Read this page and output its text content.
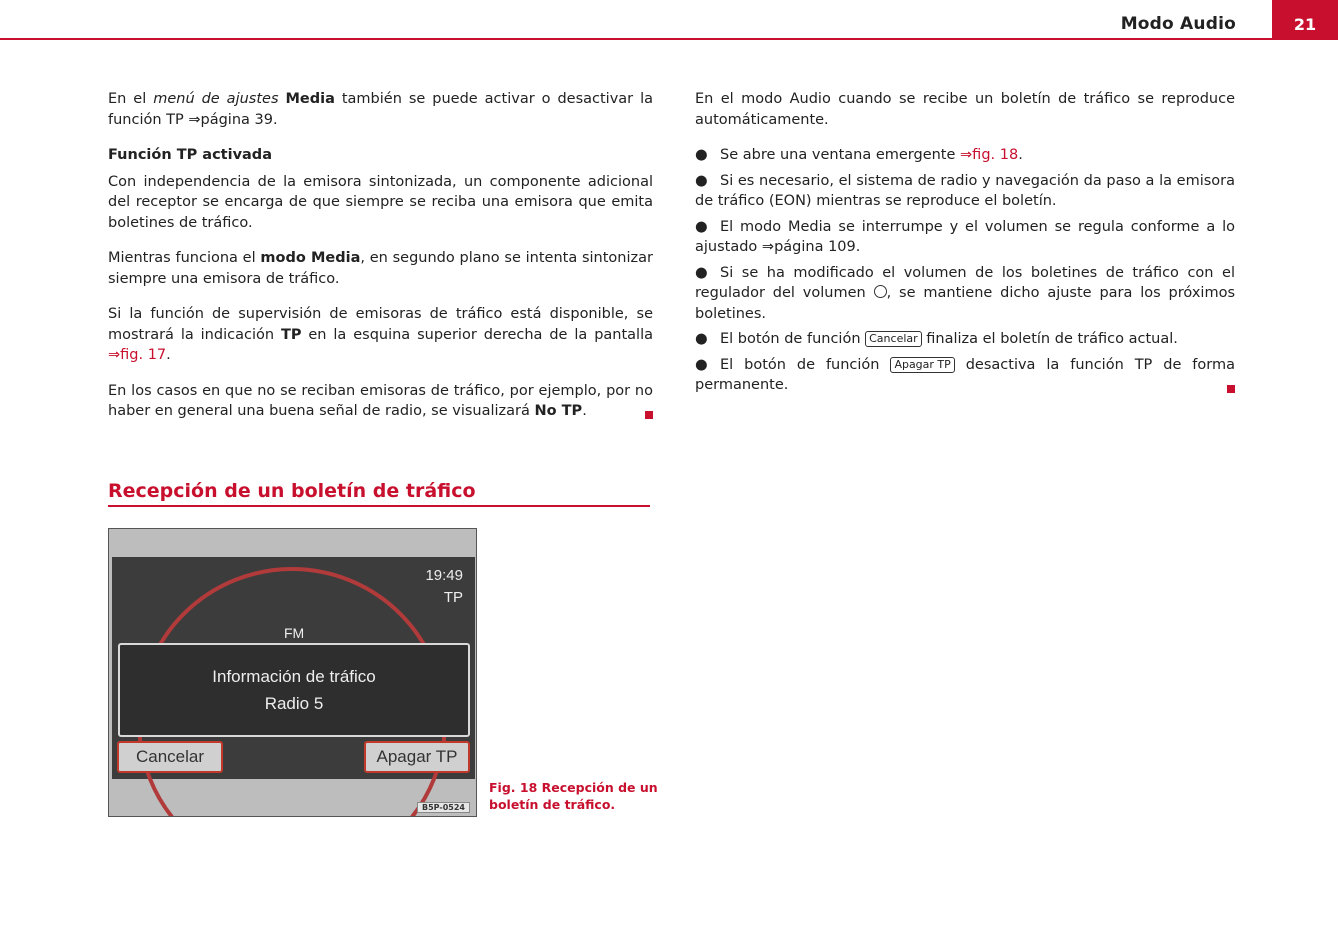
Modo Audio	21

En el menú de ajustes Media también se puede activar o desactivar la función TP ⇒página 39.

Función TP activada

Con independencia de la emisora sintonizada, un componente adicional del receptor se encarga de que siempre se reciba una emisora que emita boletines de tráfico.

Mientras funciona el modo Media, en segundo plano se intenta sintonizar siempre una emisora de tráfico.

Si la función de supervisión de emisoras de tráfico está disponible, se mostrará la indicación TP en la esquina superior derecha de la pantalla ⇒fig. 17.

En los casos en que no se reciban emisoras de tráfico, por ejemplo, por no haber en general una buena señal de radio, se visualizará No TP.

Recepción de un boletín de tráfico
19:49
TP
FM
Información de tráfico
Radio 5
Cancelar	Apagar TP
B5P-0524
Fig. 18 Recepción de un boletín de tráfico.

En el modo Audio cuando se recibe un boletín de tráfico se reproduce automáticamente.

● Se abre una ventana emergente ⇒fig. 18.
● Si es necesario, el sistema de radio y navegación da paso a la emisora de tráfico (EON) mientras se reproduce el boletín.
● El modo Media se interrumpe y el volumen se regula conforme a lo ajustado ⇒página 109.
● Si se ha modificado el volumen de los boletines de tráfico con el regulador del volumen , se mantiene dicho ajuste para los próximos boletines.
● El botón de función Cancelar finaliza el boletín de tráfico actual.
● El botón de función Apagar TP desactiva la función TP de forma permanente.
